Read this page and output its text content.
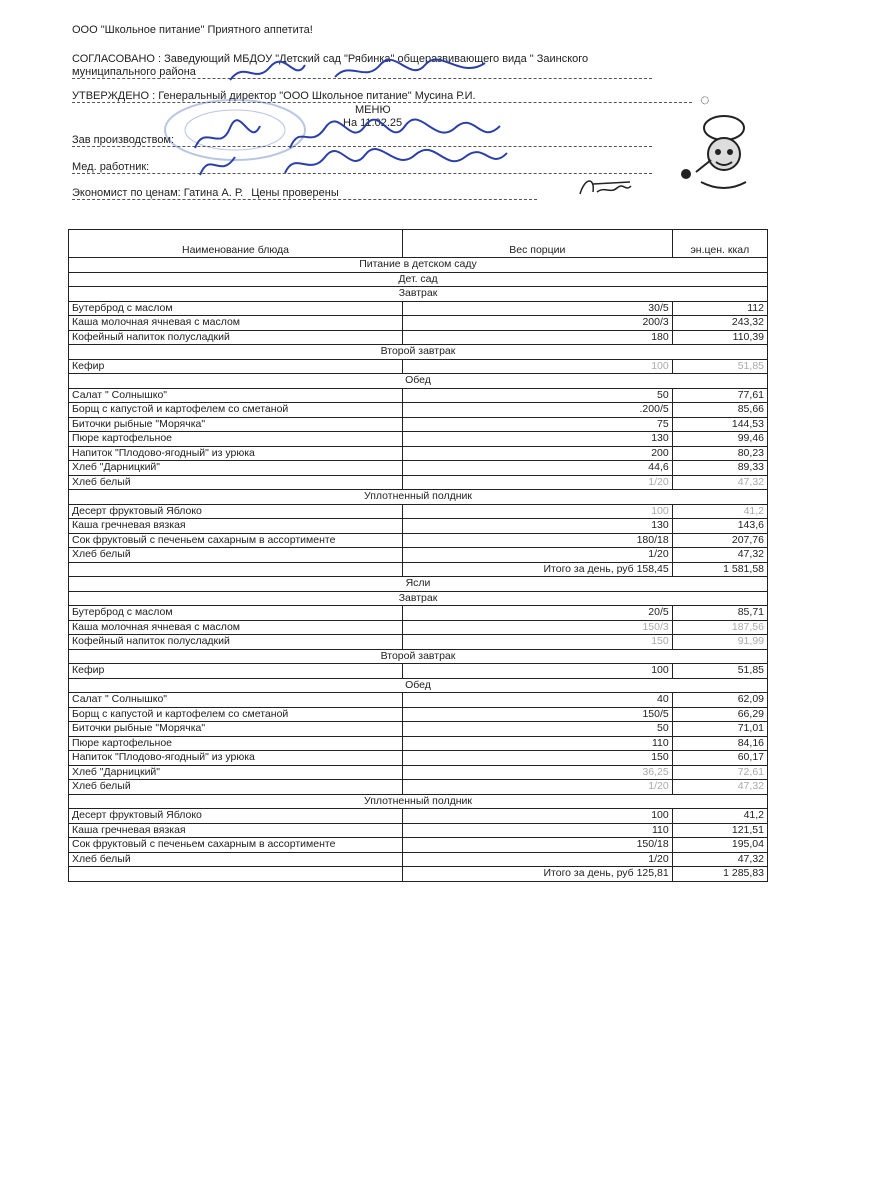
ООО "Школьное питание" Приятного аппетита!
СОГЛАСОВАНО : Заведующий МБДОУ "Детский сад "Рябинка" общеразвивающего вида " Заинского
муниципального района
УТВЕРЖДЕНО : Генеральный директор "ООО Школьное питание" Мусина Р.И.
МЕНЮ
На 11.02.25
Зав производством:
Мед. работник:
Экономист по ценам: Гатина А. Р. Цены проверены
◌
Наименование блюда	Вес порции	эн.цен. ккал
Питание в детском саду		
Дет. сад		
Завтрак		
Бутерброд с маслом	30/5	112
Каша молочная ячневая с маслом	200/3	243,32
Кофейный напиток полусладкий	180	110,39
Второй завтрак		
Кефир	100	51,85
Обед		
Салат " Солнышко"	50	77,61
Борщ с капустой и картофелем со сметаной	.200/5	85,66
Биточки рыбные "Морячка"	75	144,53
Пюре картофельное	130	99,46
Напиток "Плодово-ягодный" из урюка	200	80,23
Хлеб "Дарницкий"	44,6	89,33
Хлеб белый	1/20	47,32
Уплотненный полдник		
Десерт фруктовый Яблоко	100	41,2
Каша гречневая вязкая	130	143,6
Сок фруктовый с печеньем сахарным в ассортименте	180/18	207,76
Хлеб белый	1/20	47,32
	Итого за день, руб 158,45	1 581,58
Ясли		
Завтрак		
Бутерброд с маслом	20/5	85,71
Каша молочная ячневая с маслом	150/3	187,56
Кофейный напиток полусладкий	150	91,99
Второй завтрак		
Кефир	100	51,85
Обед		
Салат " Солнышко"	40	62,09
Борщ с капустой и картофелем со сметаной	150/5	66,29
Биточки рыбные "Морячка"	50	71,01
Пюре картофельное	110	84,16
Напиток "Плодово-ягодный" из урюка	150	60,17
Хлеб "Дарницкий"	36,25	72,61
Хлеб белый	1/20	47,32
Уплотненный полдник		
Десерт фруктовый Яблоко	100	41,2
Каша гречневая вязкая	110	121,51
Сок фруктовый с печеньем сахарным в ассортименте	150/18	195,04
Хлеб белый	1/20	47,32
	Итого за день, руб 125,81	1 285,83
